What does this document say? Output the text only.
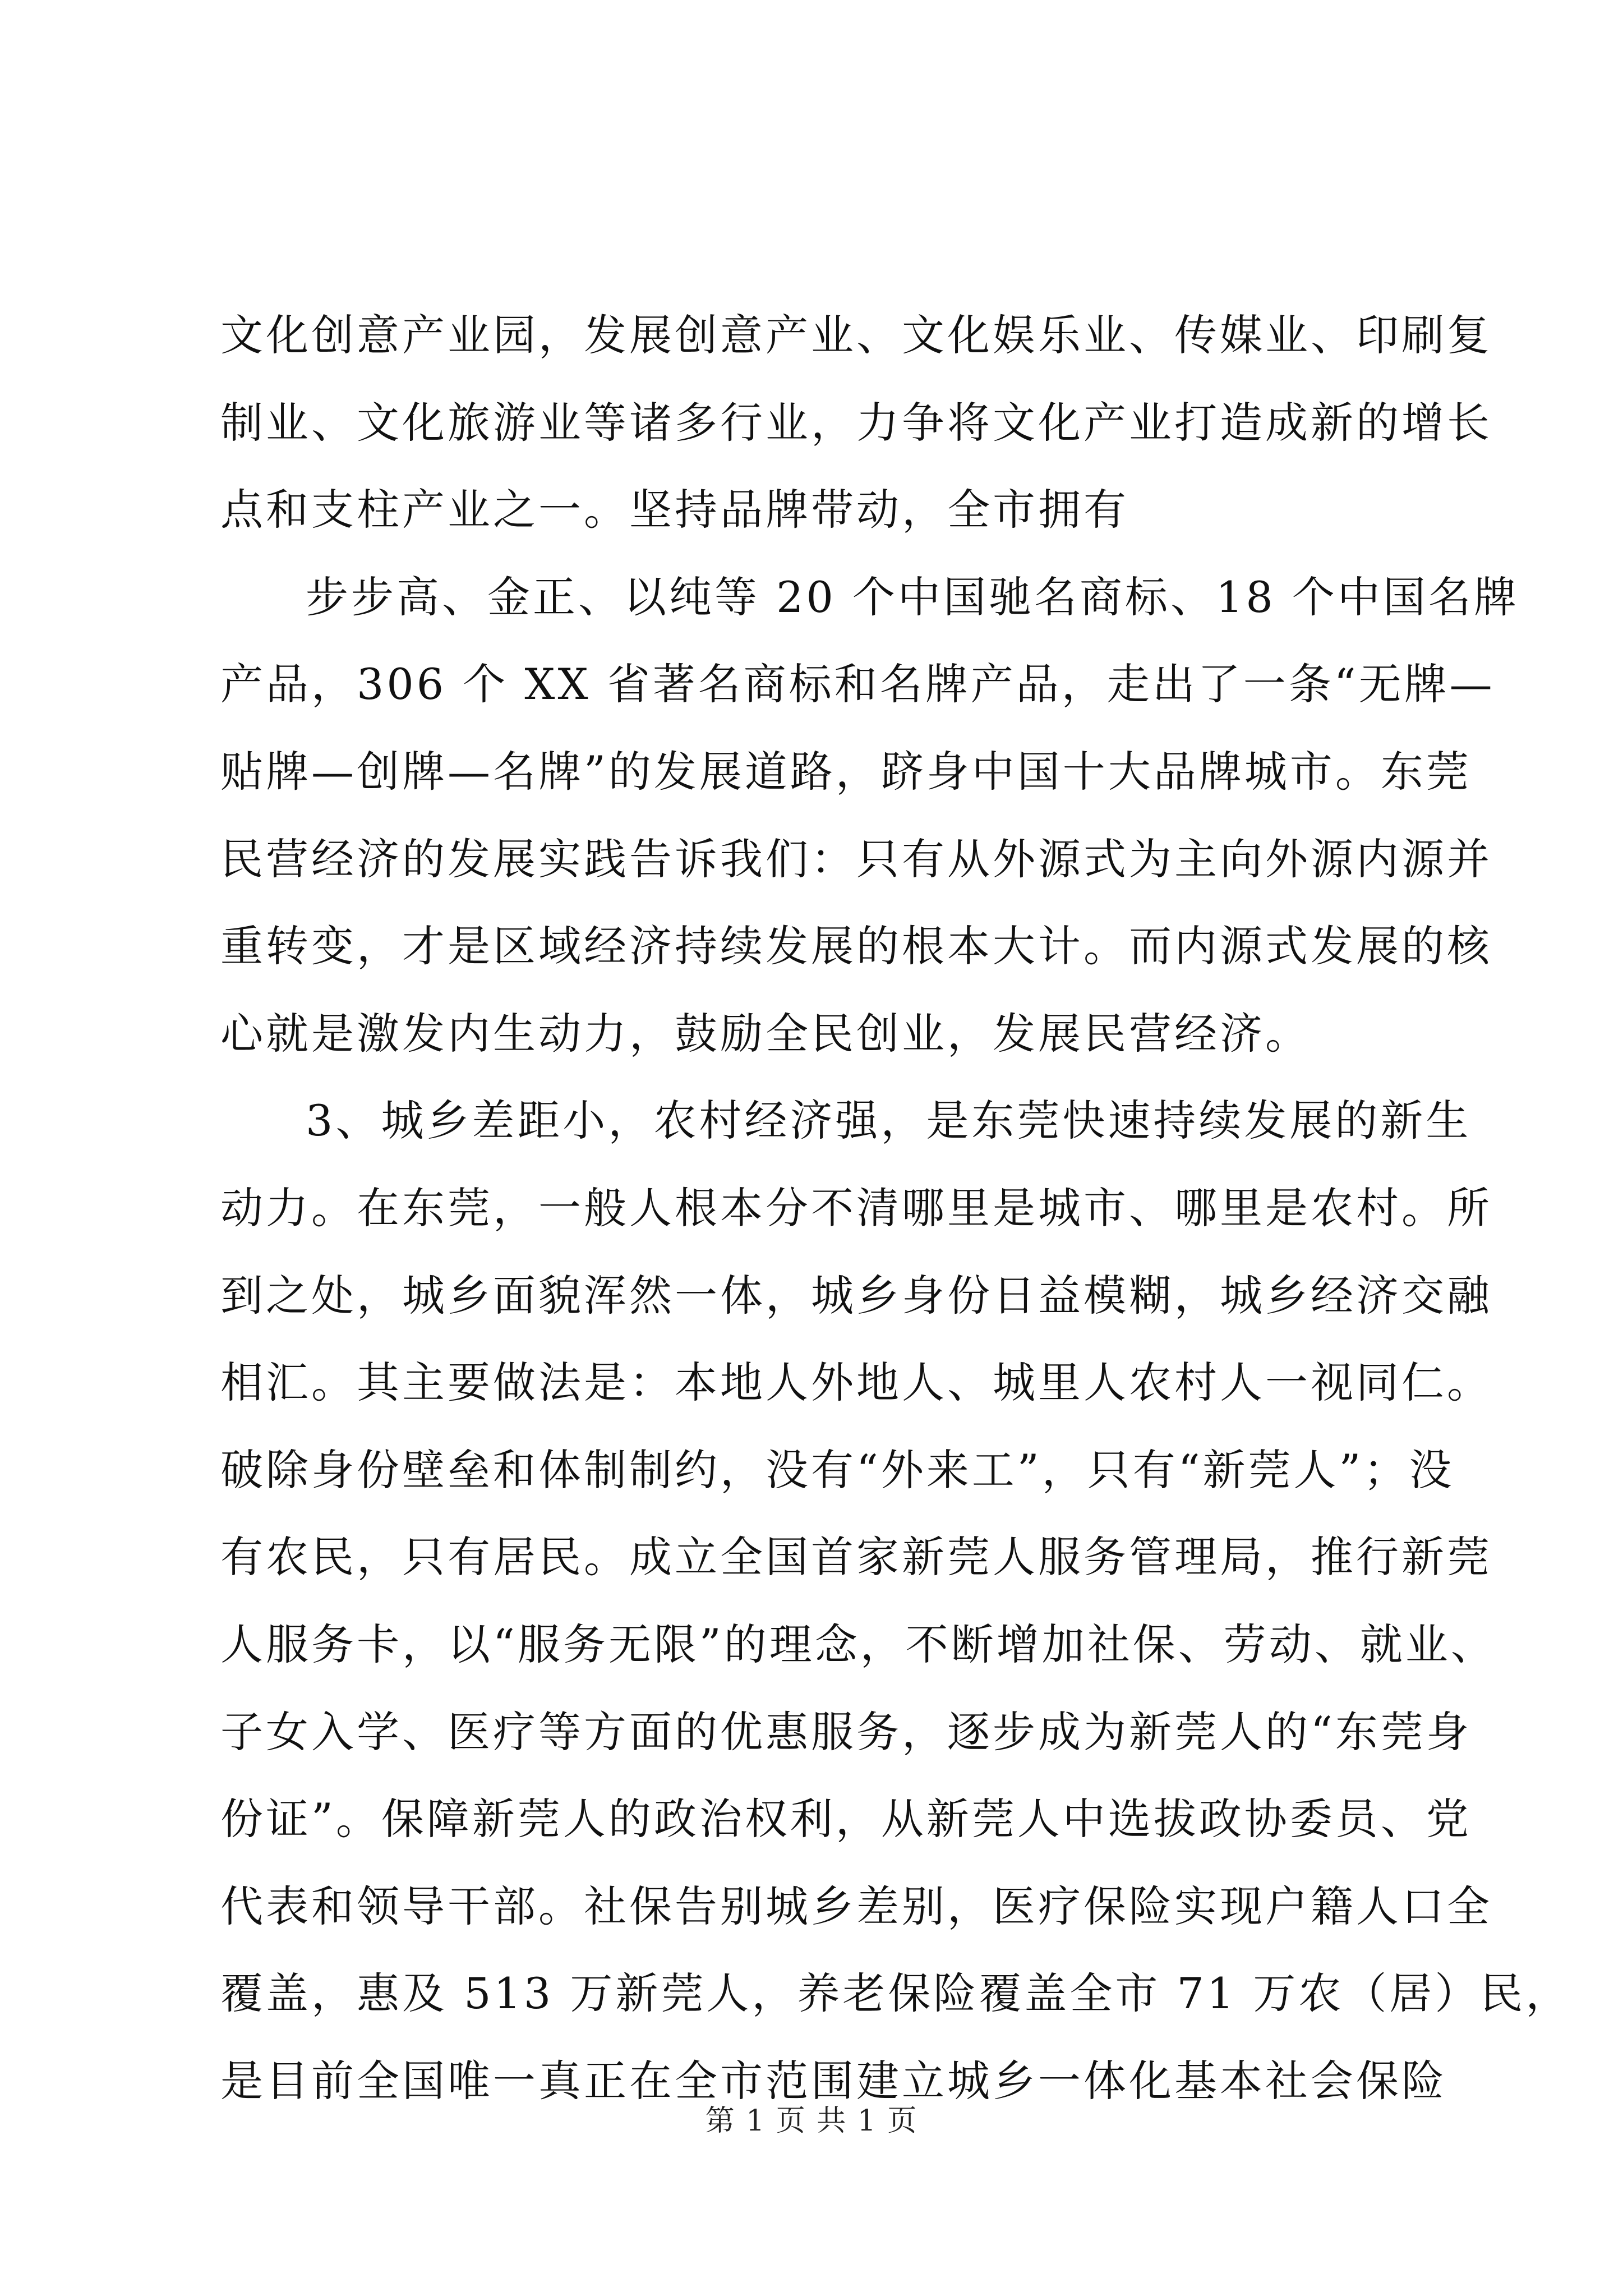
文化创意产业园，发展创意产业、文化娱乐业、传媒业、印刷复
制业、文化旅游业等诸多行业，力争将文化产业打造成新的增长
点和支柱产业之一。坚持品牌带动，全市拥有
步步高、金正、以纯等 20 个中国驰名商标、18 个中国名牌
产品，306 个 XX 省著名商标和名牌产品，走出了一条“无牌—
贴牌—创牌—名牌”的发展道路，跻身中国十大品牌城市。东莞
民营经济的发展实践告诉我们：只有从外源式为主向外源内源并
重转变，才是区域经济持续发展的根本大计。而内源式发展的核
心就是激发内生动力，鼓励全民创业，发展民营经济。
3、城乡差距小，农村经济强，是东莞快速持续发展的新生
动力。在东莞，一般人根本分不清哪里是城市、哪里是农村。所
到之处，城乡面貌浑然一体，城乡身份日益模糊，城乡经济交融
相汇。其主要做法是：本地人外地人、城里人农村人一视同仁。
破除身份壁垒和体制制约，没有“外来工”，只有“新莞人”；没
有农民，只有居民。成立全国首家新莞人服务管理局，推行新莞
人服务卡，以“服务无限”的理念，不断增加社保、劳动、就业、
子女入学、医疗等方面的优惠服务，逐步成为新莞人的“东莞身
份证”。保障新莞人的政治权利，从新莞人中选拔政协委员、党
代表和领导干部。社保告别城乡差别，医疗保险实现户籍人口全
覆盖，惠及 513 万新莞人，养老保险覆盖全市 71 万农（居）民，
是目前全国唯一真正在全市范围建立城乡一体化基本社会保险
第 1 页 共 1 页
